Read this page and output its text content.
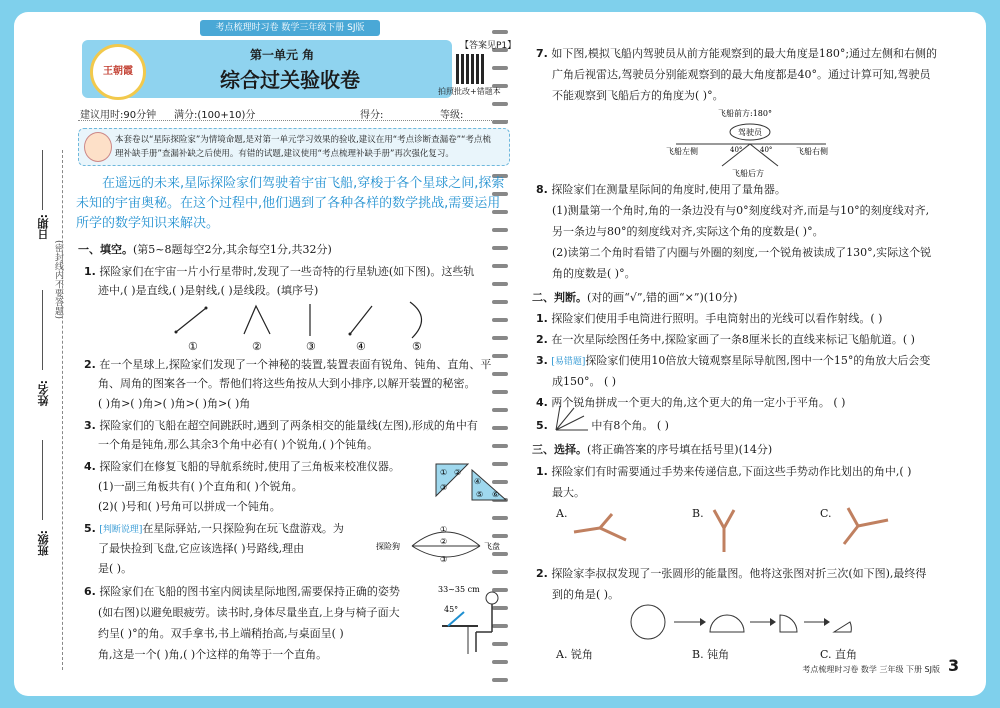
考点梳理时习卷 数学三年级下册 SJ版
日期:
姓名:
班级:
(密封线内不要答题)
王朝霞
第一单元 角
综合过关验收卷
【答案见P1】
拍照批改+错题本
建议用时:90分钟 满分:(100+10)分	得分:	等级:
本套卷以“星际探险家”为情境命题,是对第一单元学习效果的验收,建议在用“考点诊断查漏卷”“考点梳理补缺手册”查漏补缺之后使用。有错的试题,建议使用“考点梳理补缺手册”再次强化复习。
在遥远的未来,星际探险家们驾驶着宇宙飞船,穿梭于各个星球之间,探索未知的宇宙奥秘。在这个过程中,他们遇到了各种各样的数学挑战,需要运用所学的数学知识来解决。
一、填空。(第5~8题每空2分,其余每空1分,共32分)
1. 探险家们在宇宙一片小行星带时,发现了一些奇特的行星轨迹(如下图)。这些轨
迹中,( )是直线,( )是射线,( )是线段。(填序号)
①	②	③	④	⑤
2. 在一个星球上,探险家们发现了一个神秘的装置,装置表面有锐角、钝角、直角、平
角、周角的图案各一个。帮他们将这些角按从大到小排序,以解开装置的秘密。
( )角>( )角>( )角>( )角>( )角
3. 探险家们的飞船在超空间跳跃时,遇到了两条相交的能量线(左图),形成的角中有
一个角是钝角,那么其余3个角中必有( )个锐角,( )个钝角。
4. 探险家们在修复飞船的导航系统时,使用了三角板来校准仪器。
(1)一副三角板共有( )个直角和( )个锐角。
(2)( )号和( )号角可以拼成一个钝角。
① ②
③
④
⑤ ⑥
5. [判断说理]在星际驿站,一只探险狗在玩飞盘游戏。为
了最快捡到飞盘,它应该选择( )号路线,理由
是( )。
①
②
③
探险狗	飞盘
6. 探险家们在飞船的图书室内阅读星际地图,需要保持正确的姿势
(如右图)以避免眼疲劳。读书时,身体尽量坐直,上身与椅子面大
约呈( )°的角。双手拿书,书上端稍抬高,与桌面呈( )
角,这是一个( )角,( )个这样的角等于一个直角。
33~35 cm
45°
7. 如下图,模拟飞船内驾驶员从前方能观察到的最大角度是180°;通过左侧和右侧的
广角后视雷达,驾驶员分别能观察到的最大角度都是40°。通过计算可知,驾驶员
不能观察到飞船后方的角度为( )°。
飞船前方:180°
驾驶员
飞船左侧	飞船右侧
40°	40°
飞船后方
8. 探险家们在测量星际间的角度时,使用了量角器。
(1)测量第一个角时,角的一条边没有与0°刻度线对齐,而是与10°的刻度线对齐,
另一条边与80°的刻度线对齐,实际这个角的度数是( )°。
(2)读第二个角时看错了内圈与外圈的刻度,一个锐角被读成了130°,实际这个锐
角的度数是( )°。
二、判断。(对的画“√”,错的画“×”)(10分)
1. 探险家们使用手电筒进行照明。手电筒射出的光线可以看作射线。( )
2. 在一次星际绘图任务中,探险家画了一条8厘米长的直线来标记飞船航道。( )
3. [易错题]探险家们使用10倍放大镜观察星际导航图,图中一个15°的角放大后会变
成150°。 ( )
4. 两个锐角拼成一个更大的角,这个更大的角一定小于平角。 ( )
5.	中有8个角。 ( )
三、选择。(将正确答案的序号填在括号里)(14分)
1. 探险家们有时需要通过手势来传递信息,下面这些手势动作比划出的角中,( )
最大。
A.	B.	C.
2. 探险家李叔叔发现了一张圆形的能量图。他将这张图对折三次(如下图),最终得
到的角是( )。
A. 锐角	B. 钝角	C. 直角
考点梳理时习卷 数学 三年级 下册 SJ版 3
